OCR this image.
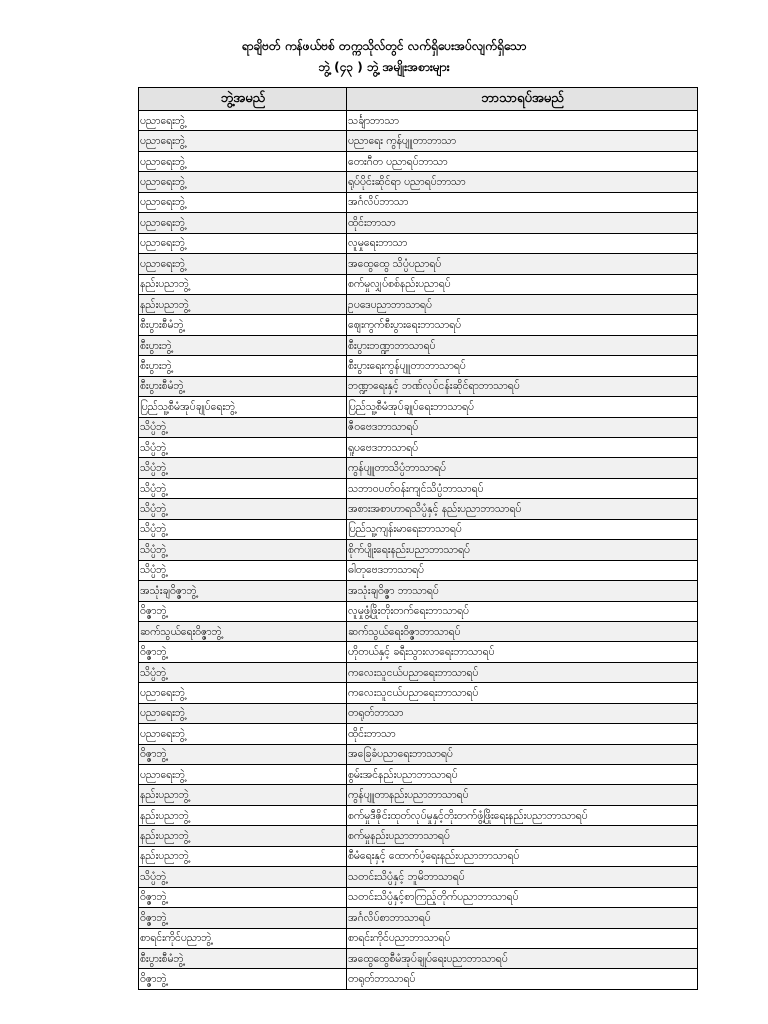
ရာချိဗတ် ကန်ဖယ်ဗစ် တက္ကသိုလ်တွင် လက်ရှိပေးအပ်လျက်ရှိသော
ဘွဲ့ (၄၃ ) ဘွဲ့ အမျိုးအစားများ
ဘွဲ့အမည်	ဘာသာရပ်အမည်
ပညာရေးဘွဲ့	သင်္ချာဘာသာ
ပညာရေးဘွဲ့	ပညာရေး ကွန်ပျူတာဘာသာ
ပညာရေးဘွဲ့	တေးဂီတ ပညာရပ်ဘာသာ
ပညာရေးဘွဲ့	ရုပ်ပိုင်းဆိုင်ရာ ပညာရပ်ဘာသာ
ပညာရေးဘွဲ့	အင်္ဂလိပ်ဘာသာ
ပညာရေးဘွဲ့	ထိုင်းဘာသာ
ပညာရေးဘွဲ့	လူမှုရေးဘာသာ
ပညာရေးဘွဲ့	အထွေထွေ သိပ္ပံပညာရပ်
နည်းပညာဘွဲ့	စက်မှုလျှပ်စစ်နည်းပညာရပ်
နည်းပညာဘွဲ့	ဥပဒေပညာဘာသာရပ်
စီးပွားစီမံဘွဲ့	ဈေးကွက်စီးပွားရေးဘာသာရပ်
စီးပွားဘွဲ့	စီးပွားဘဏ္ဍာဘာသာရပ်
စီးပွားဘွဲ့	စီးပွားရေးကွန်ပျူတာဘာသာရပ်
စီးပွားစီမံဘွဲ့	ဘဏ္ဍာရေးနှင့် ဘဏ်လုပ်ငန်းဆိုင်ရာဘာသာရပ်
ပြည်သူ့စီမံအုပ်ချုပ်ရေးဘွဲ့	ပြည်သူ့စီမံအုပ်ချုပ်ရေးဘာသာရပ်
သိပ္ပံဘွဲ့	ဇီဝဗေဒဘာသာရပ်
သိပ္ပံဘွဲ့	ရူပဗေဒဘာသာရပ်
သိပ္ပံဘွဲ့	ကွန်ပျူတာသိပ္ပံဘာသာရပ်
သိပ္ပံဘွဲ့	သဘာဝပတ်ဝန်းကျင်သိပ္ပံဘာသာရပ်
သိပ္ပံဘွဲ့	အစားအစာဟာရသိပ္ပံနှင့် နည်းပညာဘာသာရပ်
သိပ္ပံဘွဲ့	ပြည်သူ့ကျန်းမာရေးဘာသာရပ်
သိပ္ပံဘွဲ့	စိုက်ပျိုးရေးနည်းပညာဘာသာရပ်
သိပ္ပံဘွဲ့	ဓါတုဗေဒဘာသာရပ်
အသုံးချဝိဇ္ဇာဘွဲ့	အသုံးချဝိဇ္ဇာ ဘာသာရပ်
ဝိဇ္ဇာဘွဲ့	လူမှုဖွံ့ဖြိုးတိုးတက်ရေးဘာသာရပ်
ဆက်သွယ်ရေးဝိဇ္ဇာဘွဲ့	ဆက်သွယ်ရေးဝိဇ္ဇာဘာသာရပ်
ဝိဇ္ဇာဘွဲ့	ဟိုတယ်နှင့် ခရီးသွားလာရေးဘာသာရပ်
သိပ္ပံဘွဲ့	ကလေးသူငယ်ပညာရေးဘာသာရပ်
ပညာရေးဘွဲ့	ကလေးသူငယ်ပညာရေးဘာသာရပ်
ပညာရေးဘွဲ့	တရုတ်ဘာသာ
ပညာရေးဘွဲ့	ထိုင်းဘာသာ
ဝိဇ္ဇာဘွဲ့	အခြေခံပညာရေးဘာသာရပ်
ပညာရေးဘွဲ့	စွမ်းအင်နည်းပညာဘာသာရပ်
နည်းပညာဘွဲ့	ကွန်ပျူတာနည်းပညာဘာသာရပ်
နည်းပညာဘွဲ့	စက်မှုဒီဇိုင်းထုတ်လုပ်မှုနှင့်တိုးတက်ဖွံ့ဖြိုးရေးနည်းပညာဘာသာရပ်
နည်းပညာဘွဲ့	စက်မှုနည်းပညာဘာသာရပ်
နည်းပညာဘွဲ့	စီမံရေးနှင့် ထောက်ပံ့ရေးနည်းပညာဘာသာရပ်
သိပ္ပံဘွဲ့	သတင်းသိပ္ပံနှင့် ဘူမိဘာသာရပ်
ဝိဇ္ဇာဘွဲ့	သတင်းသိပ္ပံနှင့်စာကြည့်တိုက်ပညာဘာသာရပ်
ဝိဇ္ဇာဘွဲ့	အင်္ဂလိပ်စာဘာသာရပ်
စာရင်းကိုင်ပညာဘွဲ့	စာရင်းကိုင်ပညာဘာသာရပ်
စီးပွားစီမံဘွဲ့	အထွေထွေစီမံအုပ်ချုပ်ရေးပညာဘာသာရပ်
ဝိဇ္ဇာဘွဲ့	တရုတ်ဘာသာရပ်
